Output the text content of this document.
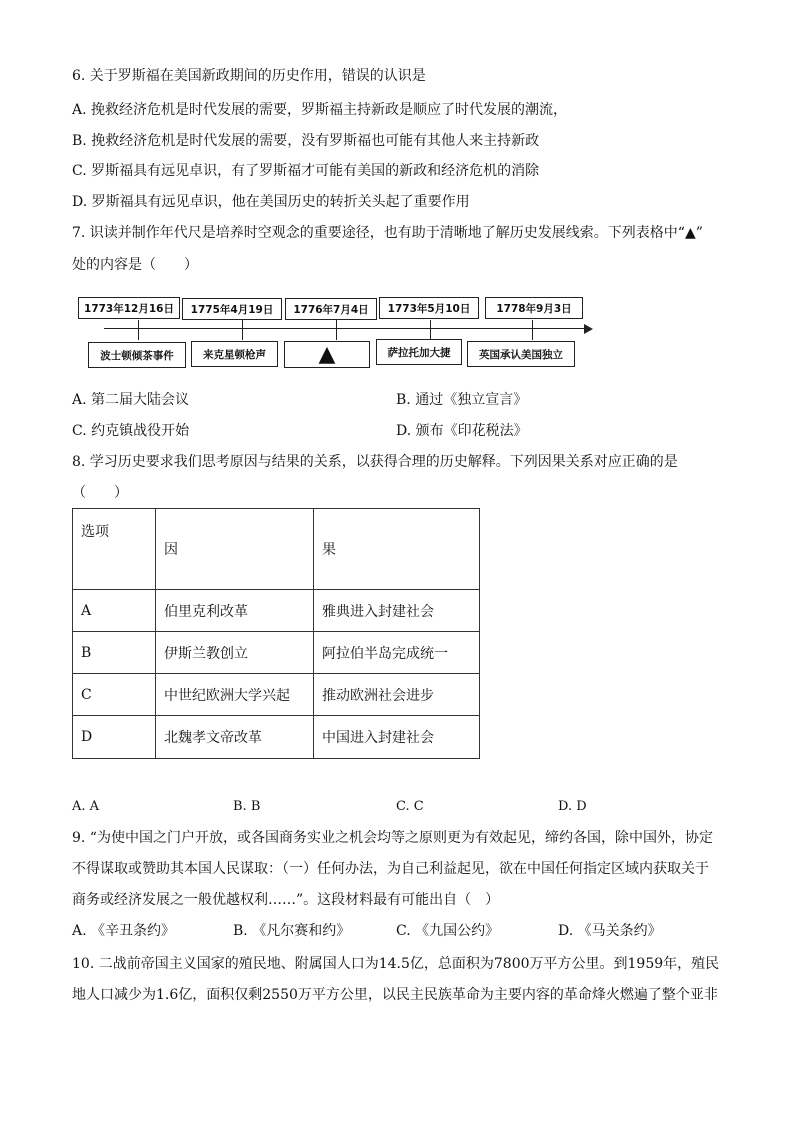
6. 关于罗斯福在美国新政期间的历史作用，错误的认识是
A. 挽救经济危机是时代发展的需要，罗斯福主持新政是顺应了时代发展的潮流，
B. 挽救经济危机是时代发展的需要，没有罗斯福也可能有其他人来主持新政
C. 罗斯福具有远见卓识，有了罗斯福才可能有美国的新政和经济危机的消除
D. 罗斯福具有远见卓识，他在美国历史的转折关头起了重要作用
7. 识读并制作年代尺是培养时空观念的重要途径，也有助于清晰地了解历史发展线索。下列表格中“▲”
处的内容是（　　）
1773年12月16日	1775年4月19日	1776年7月4日	1773年5月10日	1778年9月3日
波士顿倾茶事件	来克星顿枪声	▲	萨拉托加大捷	英国承认美国独立
A. 第二届大陆会议	B. 通过《独立宣言》
C. 约克镇战役开始	D. 颁布《印花税法》
8. 学习历史要求我们思考原因与结果的关系，以获得合理的历史解释。下列因果关系对应正确的是
（　　）
选项	因	果
A	伯里克利改革	雅典进入封建社会
B	伊斯兰教创立	阿拉伯半岛完成统一
C	中世纪欧洲大学兴起	推动欧洲社会进步
D	北魏孝文帝改革	中国进入封建社会
A. A	B. B	C. C	D. D
9. “为使中国之门户开放，或各国商务实业之机会均等之原则更为有效起见，缔约各国，除中国外，协定
不得谋取或赞助其本国人民谋取：（一）任何办法，为自己利益起见，欲在中国任何指定区域内获取关于
商务或经济发展之一般优越权利……”。这段材料最有可能出自（　）
A. 《辛丑条约》	B. 《凡尔赛和约》	C. 《九国公约》	D. 《马关条约》
10. 二战前帝国主义国家的殖民地、附属国人口为14.5亿，总面积为7800万平方公里。到1959年，殖民
地人口减少为1.6亿，面积仅剩2550万平方公里，以民主民族革命为主要内容的革命烽火燃遍了整个亚非
